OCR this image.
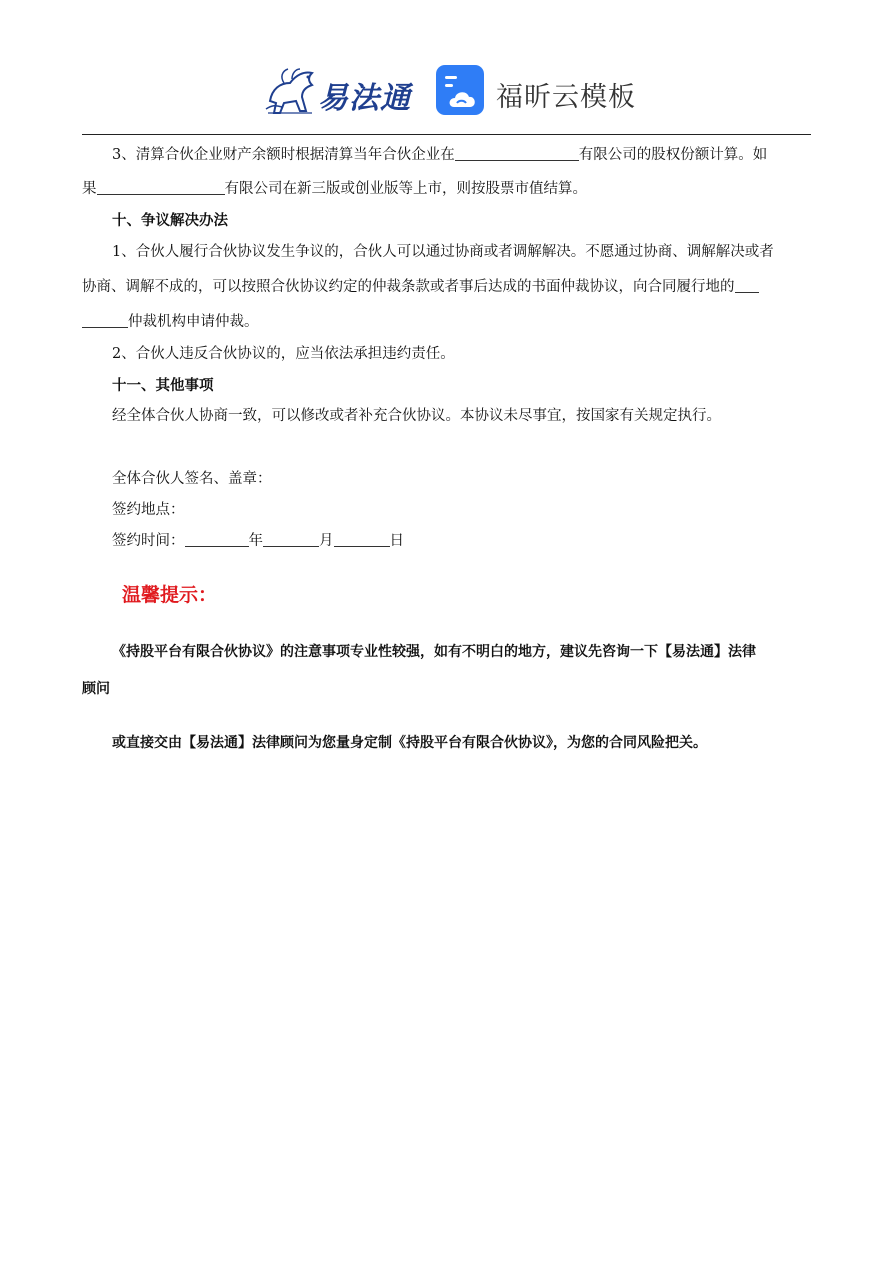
易法通	福昕云模板
3、清算合伙企业财产余额时根据清算当年合伙企业在	有限公司的股权份额计算。如
果	有限公司在新三版或创业版等上市，则按股票市值结算。
十、争议解决办法
1、合伙人履行合伙协议发生争议的，合伙人可以通过协商或者调解解决。不愿通过协商、调解解决或者
协商、调解不成的，可以按照合伙协议约定的仲裁条款或者事后达成的书面仲裁协议，向合同履行地的
仲裁机构申请仲裁。
2、合伙人违反合伙协议的，应当依法承担违约责任。
十一、其他事项
经全体合伙人协商一致，可以修改或者补充合伙协议。本协议未尽事宜，按国家有关规定执行。
全体合伙人签名、盖章：
签约地点：
签约时间：	年	月	日
温馨提示：
《持股平台有限合伙协议》的注意事项专业性较强，如有不明白的地方，建议先咨询一下【易法通】法律
顾问
或直接交由【易法通】法律顾问为您量身定制《持股平台有限合伙协议》，为您的合同风险把关。
